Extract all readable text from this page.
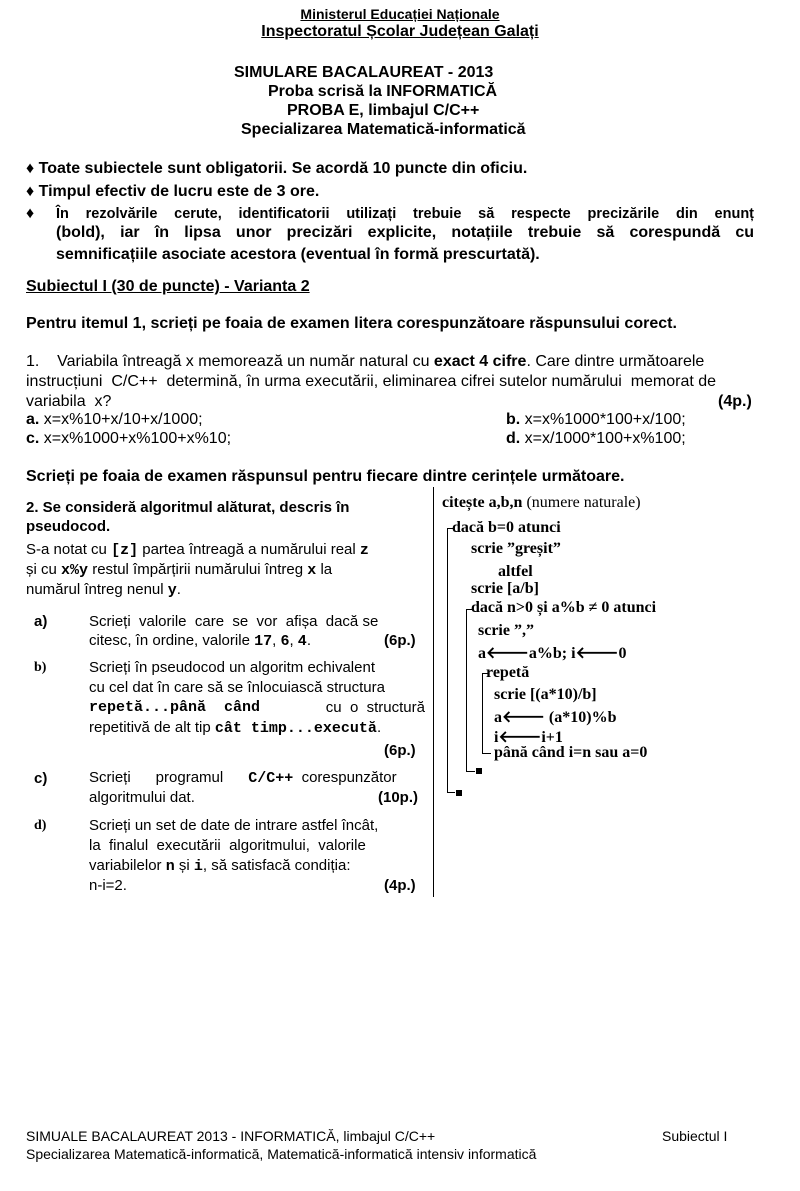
Ministerul Educației Naționale
Inspectoratul Școlar Județean Galați
SIMULARE BACALAUREAT - 2013
Proba scrisă la INFORMATICĂ
PROBA E, limbajul C/C++
Specializarea Matematică-informatică
♦ Toate subiectele sunt obligatorii. Se acordă 10 puncte din oficiu.
♦ Timpul efectiv de lucru este de 3 ore.
♦ În rezolvările cerute, identificatorii utilizați trebuie să respecte precizările din enunț
(bold), iar în lipsa unor precizări explicite, notațiile trebuie să corespundă cu
semnificațiile asociate acestora (eventual în formă prescurtată).
Subiectul I (30 de puncte) - Varianta 2
Pentru itemul 1, scrieți pe foaia de examen litera corespunzătoare răspunsului corect.
1.    Variabila întreagă x memorează un număr natural cu exact 4 cifre. Care dintre următoarele
instrucțiuni  C/C++  determină, în urma executării, eliminarea cifrei sutelor numărului  memorat de
variabila  x?	(4p.)
a. x=x%10+x/10+x/1000;	b. x=x%1000*100+x/100;
c. x=x%1000+x%100+x%10;	d. x=x/1000*100+x%100;
Scrieți pe foaia de examen răspunsul pentru fiecare dintre cerințele următoare.
2. Se consideră algoritmul alăturat, descris în
pseudocod.
S-a notat cu [z] partea întreagă a numărului real z
și cu x%y restul împărțirii numărului întreg x la
numărul întreg nenul y.
a)	Scrieți  valorile  care  se  vor  afișa  dacă se
citesc, în ordine, valorile 17, 6, 4.	(6p.)
b)	Scrieți în pseudocod un algoritm echivalent
cu cel dat în care să se înlocuiască structura
repetă...până  când	cu  o  structură
repetitivă de alt tip cât timp...execută.
(6p.)
c)	Scrieți      programul      C/C++  corespunzător
algoritmului dat.	(10p.)
d)	Scrieți un set de date de intrare astfel încât,
la  finalul  executării  algoritmului,  valorile
variabilelor n și i, să satisfacă condiția:
n-i=2.	(4p.)
citește a,b,n (numere naturale)
dacă b=0 atunci
scrie ”greșit”
altfel
scrie [a/b]
dacă n>0 și a%b ≠ 0 atunci
scrie ”,”
a🡐a%b; i🡐0
repetă
scrie [(a*10)/b]
a🡐 (a*10)%b
i🡐i+1
până când i=n sau a=0
SIMUALE BACALAUREAT 2013 - INFORMATICĂ, limbajul C/C++	Subiectul I
Specializarea Matematică-informatică, Matematică-informatică intensiv informatică
